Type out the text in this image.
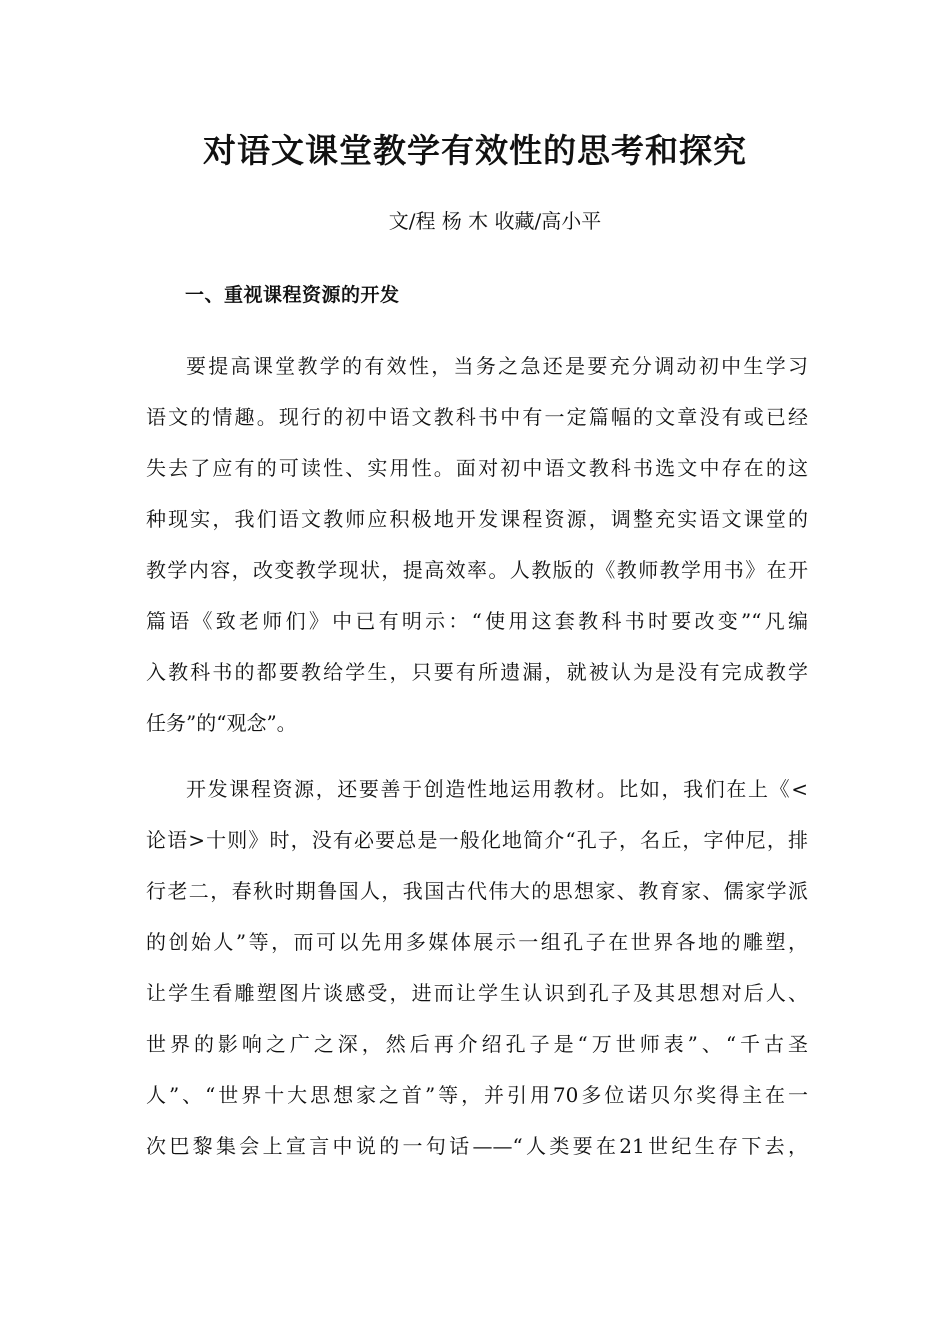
对语文课堂教学有效性的思考和探究
文/程 杨 木 收藏/高小平
一、重视课程资源的开发
要提高课堂教学的有效性，当务之急还是要充分调动初中生学习
语文的情趣。现行的初中语文教科书中有一定篇幅的文章没有或已经
失去了应有的可读性、实用性。面对初中语文教科书选文中存在的这
种现实，我们语文教师应积极地开发课程资源，调整充实语文课堂的
教学内容，改变教学现状，提高效率。人教版的《教师教学用书》在开
篇语《致老师们》中已有明示：“使用这套教科书时要改变”“凡编
入教科书的都要教给学生，只要有所遗漏，就被认为是没有完成教学
任务”的“观念”。
开发课程资源，还要善于创造性地运用教材。比如，我们在上《<
论语>十则》时，没有必要总是一般化地简介“孔子，名丘，字仲尼，排
行老二，春秋时期鲁国人，我国古代伟大的思想家、教育家、儒家学派
的创始人”等，而可以先用多媒体展示一组孔子在世界各地的雕塑，
让学生看雕塑图片谈感受，进而让学生认识到孔子及其思想对后人、
世界的影响之广之深，然后再介绍孔子是“万世师表”、“千古圣
人”、“世界十大思想家之首”等，并引用70多位诺贝尔奖得主在一
次巴黎集会上宣言中说的一句话——“人类要在21世纪生存下去，
